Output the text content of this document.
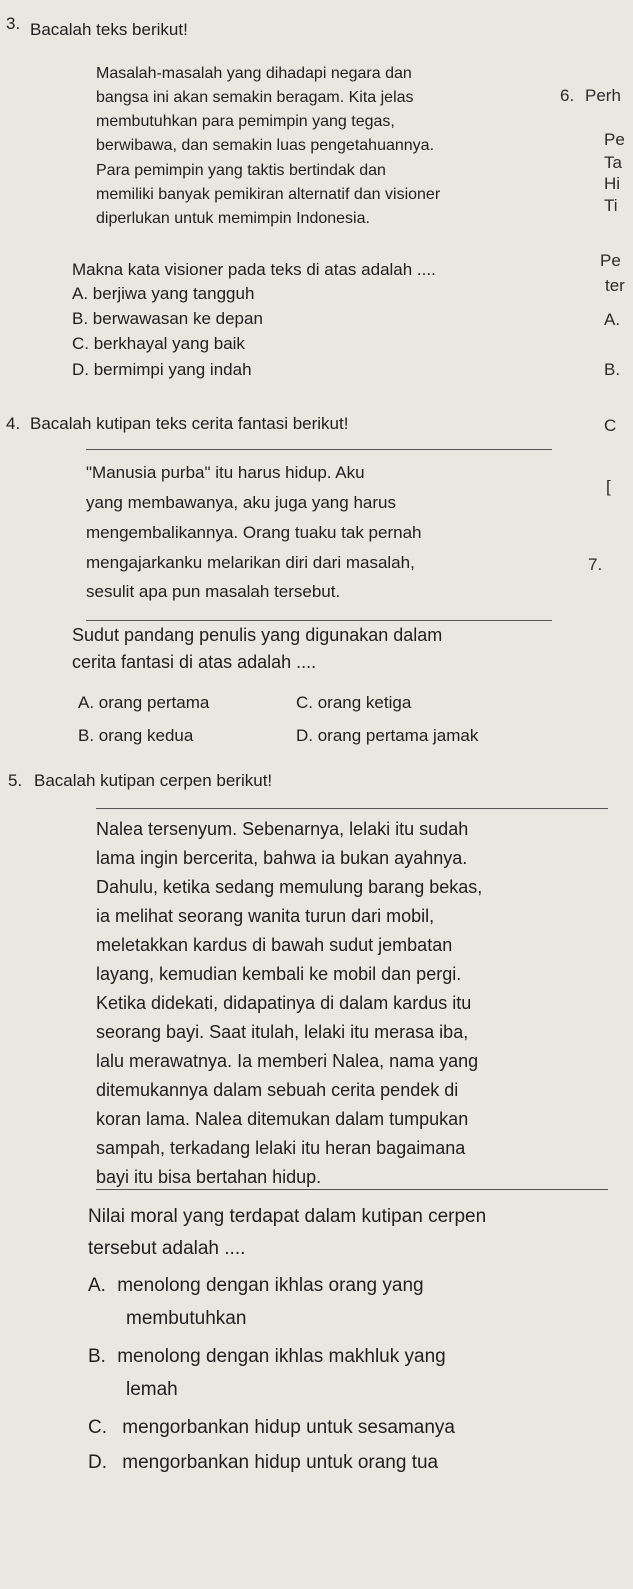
3. Bacalah teks berikut!

Masalah-masalah yang dihadapi negara dan

bangsa ini akan semakin beragam. Kita jelas

membutuhkan para pemimpin yang tegas,

berwibawa, dan semakin luas pengetahuannya.

Para pemimpin yang taktis bertindak dan

memiliki banyak pemikiran alternatif dan visioner

diperlukan untuk memimpin Indonesia.

Makna kata visioner pada teks di atas adalah ....
A. berjiwa yang tangguh
B. berwawasan ke depan
C. berkhayal yang baik
D. bermimpi yang indah
4. Bacalah kutipan teks cerita fantasi berikut!

"Manusia purba" itu harus hidup. Aku

yang membawanya, aku juga yang harus

mengembalikannya. Orang tuaku tak pernah

mengajarkanku melarikan diri dari masalah,

sesulit apa pun masalah tersebut.

Sudut pandang penulis yang digunakan dalam
cerita fantasi di atas adalah ....
A. orang pertama	C. orang ketiga
B. orang kedua	D. orang pertama jamak
5. Bacalah kutipan cerpen berikut!

Nalea tersenyum. Sebenarnya, lelaki itu sudah

lama ingin bercerita, bahwa ia bukan ayahnya.

Dahulu, ketika sedang memulung barang bekas,

ia melihat seorang wanita turun dari mobil,

meletakkan kardus di bawah sudut jembatan

layang, kemudian kembali ke mobil dan pergi.

Ketika didekati, didapatinya di dalam kardus itu

seorang bayi. Saat itulah, lelaki itu merasa iba,

lalu merawatnya. Ia memberi Nalea, nama yang

ditemukannya dalam sebuah cerita pendek di

koran lama. Nalea ditemukan dalam tumpukan

sampah, terkadang lelaki itu heran bagaimana

bayi itu bisa bertahan hidup.

Nilai moral yang terdapat dalam kutipan cerpen
tersebut adalah ....
A. menolong dengan ikhlas orang yang
membutuhkan
B. menolong dengan ikhlas makhluk yang
lemah
C. mengorbankan hidup untuk sesamanya
D. mengorbankan hidup untuk orang tua
6. Perh
Pe
Ta
Hi
Ti
Pe
ter
A.
B.
C
[
7.
